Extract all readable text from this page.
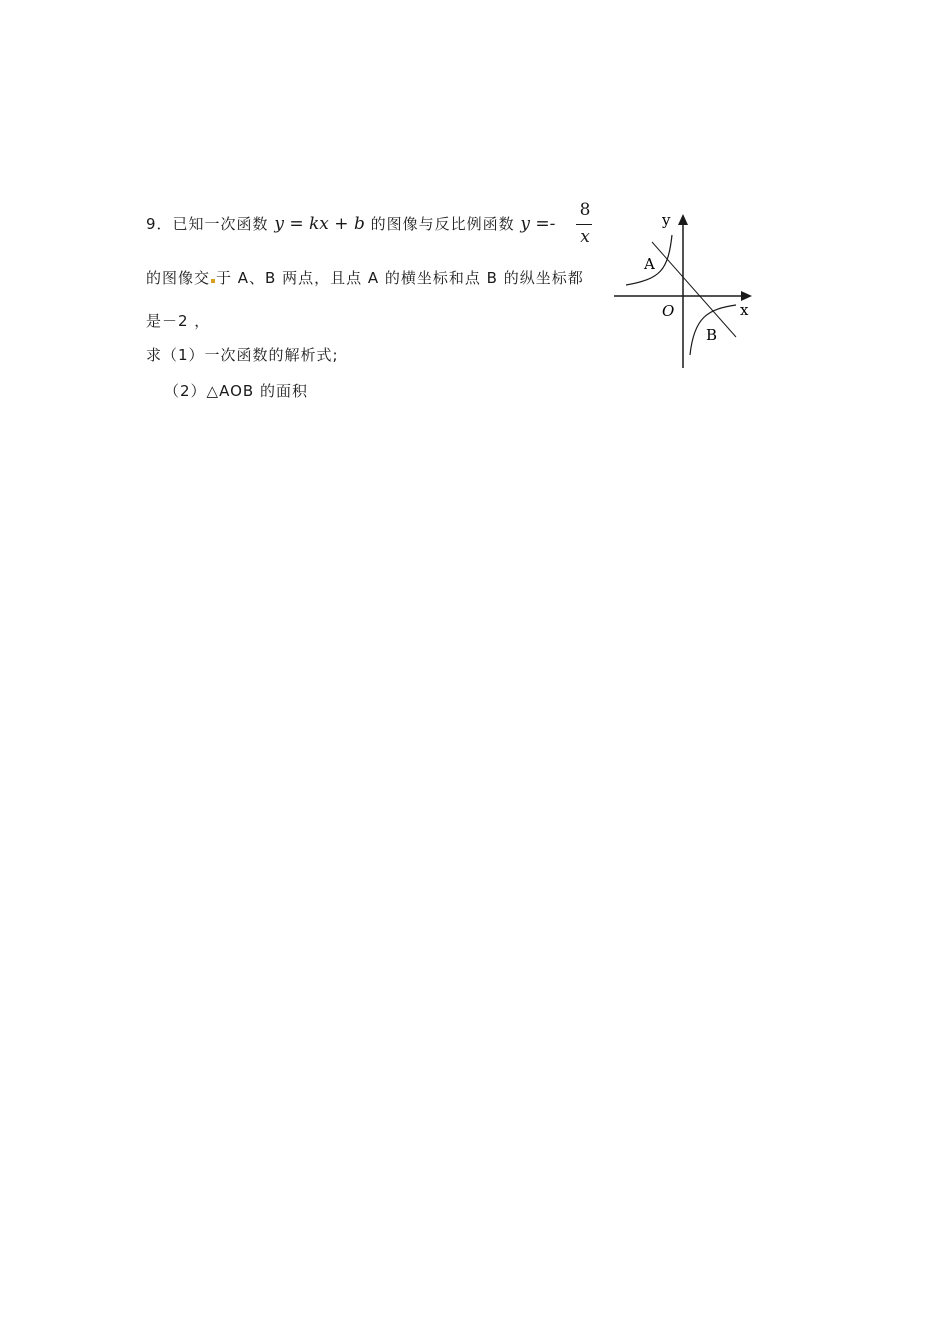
9．已知一次函数 y = kx + b 的图像与反比例函数 y =-
8
x
的图像交 于 A、B 两点，且点 A 的横坐标和点 B 的纵坐标都
是－2 ，
求（1）一次函数的解析式;
（2）△AOB 的面积
y
x
O
A
B
